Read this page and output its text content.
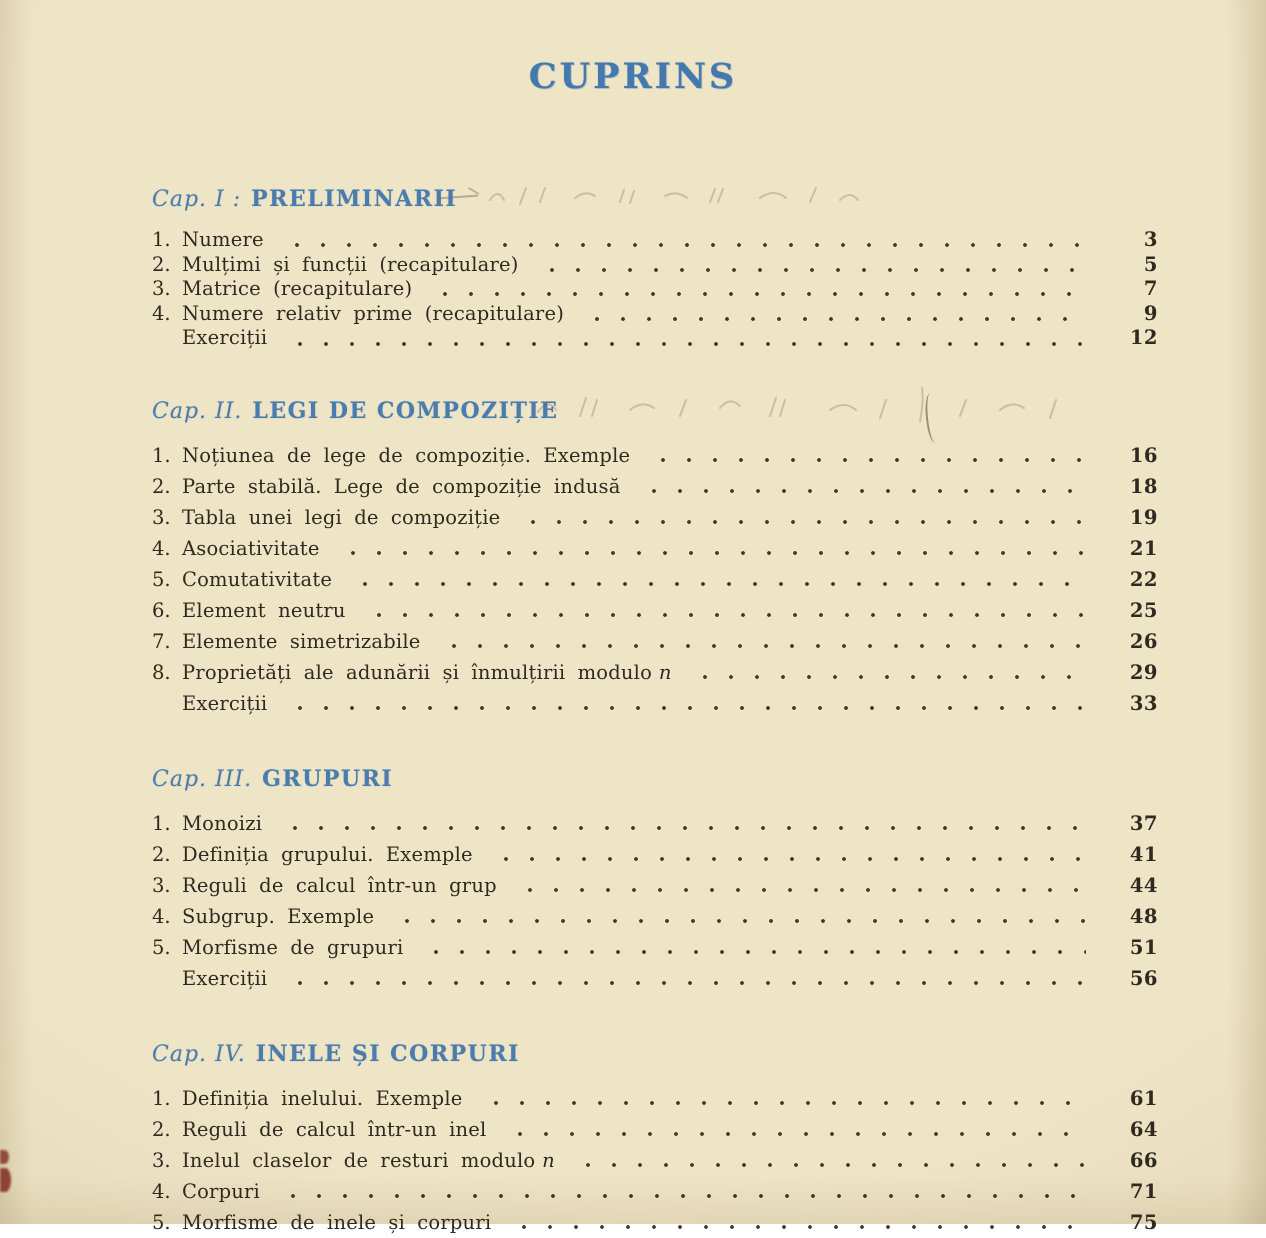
CUPRINS
Cap. I : PRELIMINARII
1. Numere	3
2. Mulțimi și funcții (recapitulare)	5
3. Matrice (recapitulare)	7
4. Numere relativ prime (recapitulare)	9
Exerciții	12
Cap. II. LEGI DE COMPOZIȚIE
1. Noțiunea de lege de compoziție. Exemple	16
2. Parte stabilă. Lege de compoziție indusă	18
3. Tabla unei legi de compoziție	19
4. Asociativitate	21
5. Comutativitate	22
6. Element neutru	25
7. Elemente simetrizabile	26
8. Proprietăți ale adunării și înmulțirii modulo n	29
Exerciții	33
Cap. III. GRUPURI
1. Monoizi	37
2. Definiția grupului. Exemple	41
3. Reguli de calcul într-un grup	44
4. Subgrup. Exemple	48
5. Morfisme de grupuri	51
Exerciții	56
Cap. IV. INELE ȘI CORPURI
1. Definiția inelului. Exemple	61
2. Reguli de calcul într-un inel	64
3. Inelul claselor de resturi modulo n	66
4. Corpuri	71
5. Morfisme de inele și corpuri	75
